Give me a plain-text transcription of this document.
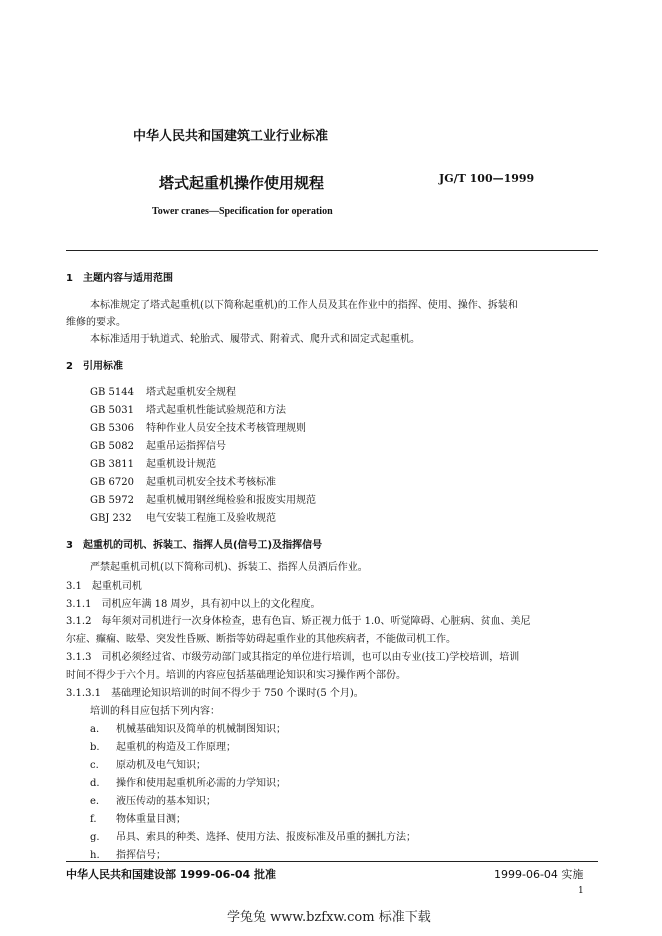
中华人民共和国建筑工业行业标准
塔式起重机操作使用规程	JG/T 100—1999
Tower cranes—Specification for operation
1　主题内容与适用范围
本标准规定了塔式起重机(以下简称起重机)的工作人员及其在作业中的指挥、使用、操作、拆装和
维修的要求。
本标准适用于轨道式、轮胎式、履带式、附着式、爬升式和固定式起重机。
2　引用标准
GB 5144 塔式起重机安全规程
GB 5031 塔式起重机性能试验规范和方法
GB 5306 特种作业人员安全技术考核管理规则
GB 5082 起重吊运指挥信号
GB 3811 起重机设计规范
GB 6720 起重机司机安全技术考核标准
GB 5972 起重机械用钢丝绳检验和报废实用规范
GBJ 232 电气安装工程施工及验收规范
3　起重机的司机、拆装工、指挥人员(信号工)及指挥信号
严禁起重机司机(以下简称司机)、拆装工、指挥人员酒后作业。
3.1　起重机司机
3.1.1　司机应年满 18 周岁，具有初中以上的文化程度。
3.1.2　每年须对司机进行一次身体检查，患有色盲、矫正视力低于 1.0、听觉障碍、心脏病、贫血、美尼
尔症、癫痫、眩晕、突发性昏厥、断指等妨碍起重作业的其他疾病者，不能做司机工作。
3.1.3　司机必须经过省、市级劳动部门或其指定的单位进行培训，也可以由专业(技工)学校培训，培训
时间不得少于六个月。培训的内容应包括基础理论知识和实习操作两个部份。
3.1.3.1　基础理论知识培训的时间不得少于 750 个课时(5 个月)。
培训的科目应包括下列内容：
a. 机械基础知识及简单的机械制图知识；
b. 起重机的构造及工作原理；
c. 原动机及电气知识；
d. 操作和使用起重机所必需的力学知识；
e. 液压传动的基本知识；
f. 物体重量目测；
g. 吊具、索具的种类、选择、使用方法、报废标准及吊重的捆扎方法；
h. 指挥信号；
中华人民共和国建设部 1999-06-04 批准	1999-06-04 实施
1
学兔兔 www.bzfxw.com 标准下载
